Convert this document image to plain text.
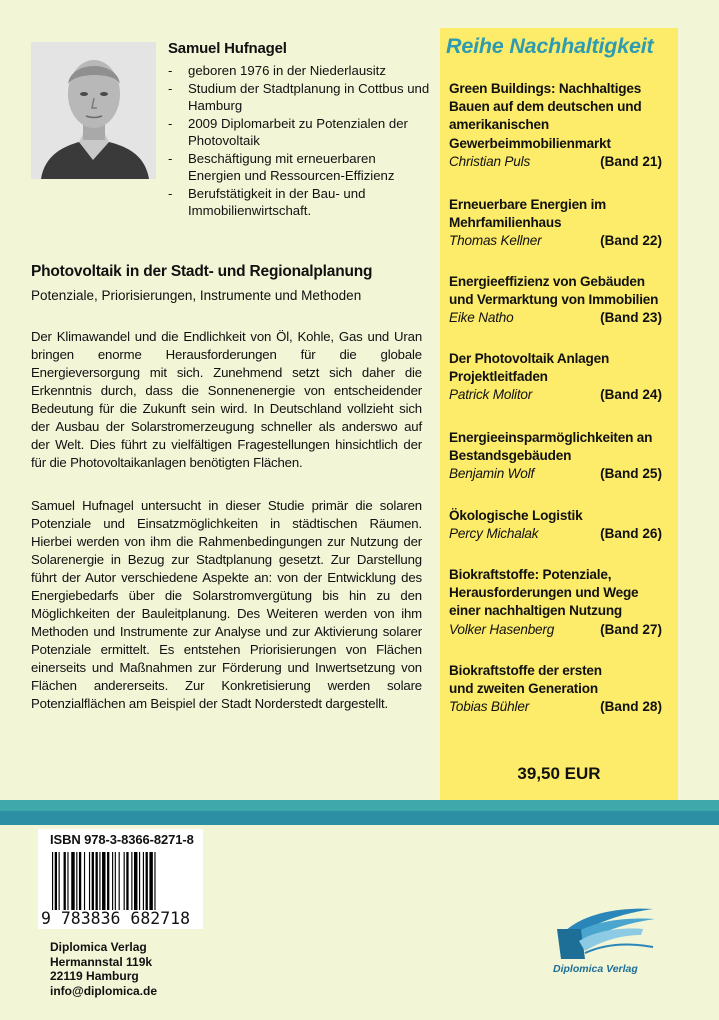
Samuel Hufnagel
- geboren 1976 in der Niederlausitz
- Studium der Stadtplanung in Cottbus und Hamburg
- 2009 Diplomarbeit zu Potenzialen der Photovoltaik
- Beschäftigung mit erneuerbaren Energien und Ressourcen-Effizienz
- Berufstätigkeit in der Bau- und Immobilienwirtschaft.
Photovoltaik in der Stadt- und Regionalplanung
Potenziale, Priorisierungen, Instrumente und Methoden

Der Klimawandel und die Endlichkeit von Öl, Kohle, Gas und Uran bringen enorme Herausforderungen für die globale Energieversorgung mit sich. Zunehmend setzt sich daher die Erkenntnis durch, dass die Sonnenenergie von entscheidender Bedeutung für die Zukunft sein wird. In Deutschland vollzieht sich der Ausbau der Solarstromerzeugung schneller als anderswo auf der Welt. Dies führt zu vielfältigen Fragestellungen hinsichtlich der für die Photovoltaikanlagen benötigten Flächen.

Samuel Hufnagel untersucht in dieser Studie primär die solaren Potenziale und Einsatzmöglichkeiten in städtischen Räumen. Hierbei werden von ihm die Rahmenbedingungen zur Nutzung der Solarenergie in Bezug zur Stadtplanung gesetzt. Zur Darstellung führt der Autor verschiedene Aspekte an: von der Entwicklung des Energiebedarfs über die Solarstromvergütung bis hin zu den Möglichkeiten der Bauleitplanung. Des Weiteren werden von ihm Methoden und Instrumente zur Analyse und zur Aktivierung solarer Potenziale ermittelt. Es entstehen Priorisierungen von Flächen einerseits und Maßnahmen zur Förderung und Inwertsetzung von Flächen andererseits. Zur Konkretisierung werden solare Potenzialflächen am Beispiel der Stadt Norderstedt dargestellt.

Reihe Nachhaltigkeit
Green Buildings: Nachhaltiges
Bauen auf dem deutschen und
amerikanischen
Gewerbeimmobilienmarkt
Christian Puls	(Band 21)
Erneuerbare Energien im
Mehrfamilienhaus
Thomas Kellner	(Band 22)
Energieeffizienz von Gebäuden
und Vermarktung von Immobilien
Eike Natho	(Band 23)
Der Photovoltaik Anlagen
Projektleitfaden
Patrick Molitor	(Band 24)
Energieeinsparmöglichkeiten an
Bestandsgebäuden
Benjamin Wolf	(Band 25)
Ökologische Logistik
Percy Michalak	(Band 26)
Biokraftstoffe: Potenziale,
Herausforderungen und Wege
einer nachhaltigen Nutzung
Volker Hasenberg	(Band 27)
Biokraftstoffe der ersten
und zweiten Generation
Tobias Bühler	(Band 28)
39,50 EUR
ISBN 978-3-8366-8271-8
9 783836 682718
Diplomica Verlag
Hermannstal 119k
22119 Hamburg
info@diplomica.de
Diplomica Verlag
